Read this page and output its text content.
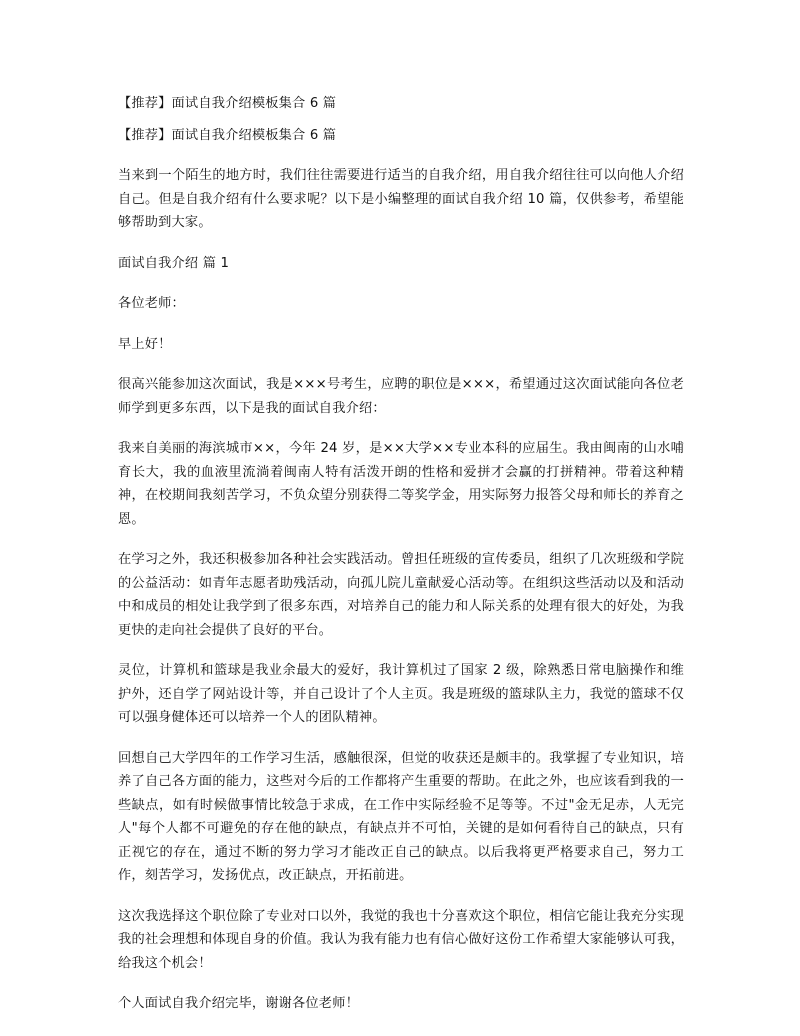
【推荐】面试自我介绍模板集合 6 篇

【推荐】面试自我介绍模板集合 6 篇

当来到一个陌生的地方时，我们往往需要进行适当的自我介绍，用自我介绍往往可以向他人介绍自己。但是自我介绍有什么要求呢？以下是小编整理的面试自我介绍 10 篇，仅供参考，希望能够帮助到大家。

面试自我介绍 篇 1

各位老师：

早上好！

很高兴能参加这次面试，我是×××号考生，应聘的职位是×××，希望通过这次面试能向各位老师学到更多东西，以下是我的面试自我介绍：

我来自美丽的海滨城市××，今年 24 岁，是××大学××专业本科的应届生。我由闽南的山水哺育长大，我的血液里流淌着闽南人特有活泼开朗的性格和爱拼才会赢的打拼精神。带着这种精神，在校期间我刻苦学习，不负众望分别获得二等奖学金，用实际努力报答父母和师长的养育之恩。

在学习之外，我还积极参加各种社会实践活动。曾担任班级的宣传委员，组织了几次班级和学院的公益活动：如青年志愿者助残活动，向孤儿院儿童献爱心活动等。在组织这些活动以及和活动中和成员的相处让我学到了很多东西，对培养自己的能力和人际关系的处理有很大的好处，为我更快的走向社会提供了良好的平台。

灵位，计算机和篮球是我业余最大的爱好，我计算机过了国家 2 级，除熟悉日常电脑操作和维护外，还自学了网站设计等，并自己设计了个人主页。我是班级的篮球队主力，我觉的篮球不仅可以强身健体还可以培养一个人的团队精神。

回想自己大学四年的工作学习生活，感触很深，但觉的收获还是颇丰的。我掌握了专业知识，培养了自己各方面的能力，这些对今后的工作都将产生重要的帮助。在此之外，也应该看到我的一些缺点，如有时候做事情比较急于求成，在工作中实际经验不足等等。不过"金无足赤，人无完人"每个人都不可避免的存在他的缺点，有缺点并不可怕，关键的是如何看待自己的缺点，只有正视它的存在，通过不断的努力学习才能改正自己的缺点。以后我将更严格要求自己，努力工作，刻苦学习，发扬优点，改正缺点，开拓前进。

这次我选择这个职位除了专业对口以外，我觉的我也十分喜欢这个职位，相信它能让我充分实现我的社会理想和体现自身的价值。我认为我有能力也有信心做好这份工作希望大家能够认可我，给我这个机会！

个人面试自我介绍完毕，谢谢各位老师！
